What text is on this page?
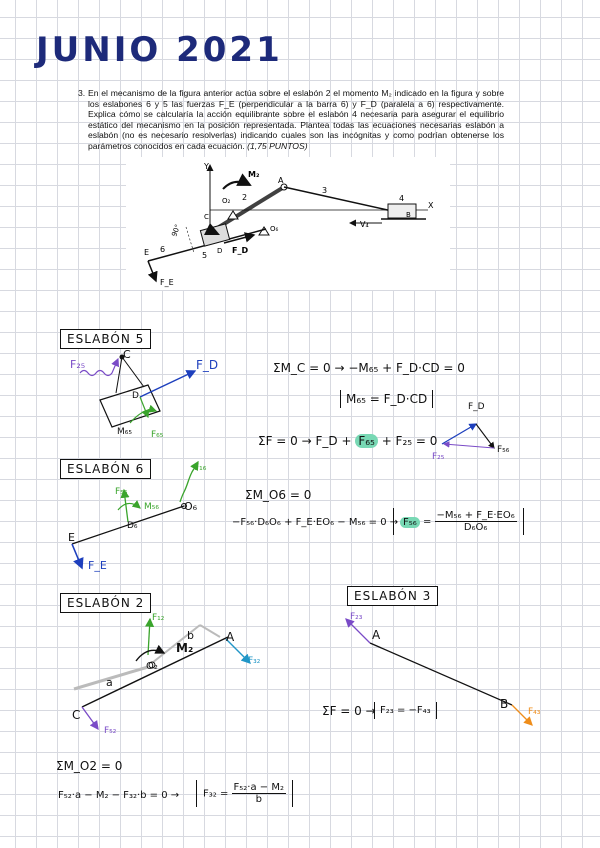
JUNIO 2021
3. En el mecanismo de la figura anterior actúa sobre el eslabón 2 el momento M₂ indicado en la figura y sobre los eslabones 6 y 5 las fuerzas F_E (perpendicular a la barra 6) y F_D (paralela a 6) respectivamente. Explica cómo se calcularía la acción equilibrante sobre el eslabón 4 necesaria para asegurar el equilibrio estático del mecanismo en la posición representada. Plantea todas las ecuaciones necesarias eslabón a eslabón (no es necesario resolverlas) indicando cuales son las incógnitas y como podrían obtenerse los parámetros conocidos en cada ecuación. (1,75 PUNTOS)
Y
M₂
A
3
4
X
O₂ 2
B
V₄
O₆
C
E 6
5 D F_D
F_E
90°
ESLABÓN 5
C
D
F₂₅	F_D
M₆₅ F₆₅
ΣM_C = 0 → −M₆₅ + F_D·CD = 0
M₆₅ = F_D·CD
ΣF = 0 → F_D + F₆₅ + F₂₅ = 0
F_D
F₂₅
F₅₆
ESLABÓN 6	F₁₆
F₅₆
M₅₆ O₆
E
D₆
F_E
ΣM_O6 = 0
−F₅₆·D₆O₆ + F_E·EO₆ − $M_{56} = 0 \to F_{56} = \frac{\text{−M₅₆ + F\_E·EO₆}}{\text{D₆O₆}}$
ESLABÓN 2
F₁₂
M₂
b	A
O₂
a
C
F₃₂
F₅₂
ΣM_O2 = 0
F₅₂·a − M₂ − F₃₂·b = 0 →	$F_{32} = \frac{\text{F₅₂·a − M₂}}{b}$
ESLABÓN 3
F₂₃
A
B
F₄₃
ΣF = 0 → F₂₃ = −F₄₃
